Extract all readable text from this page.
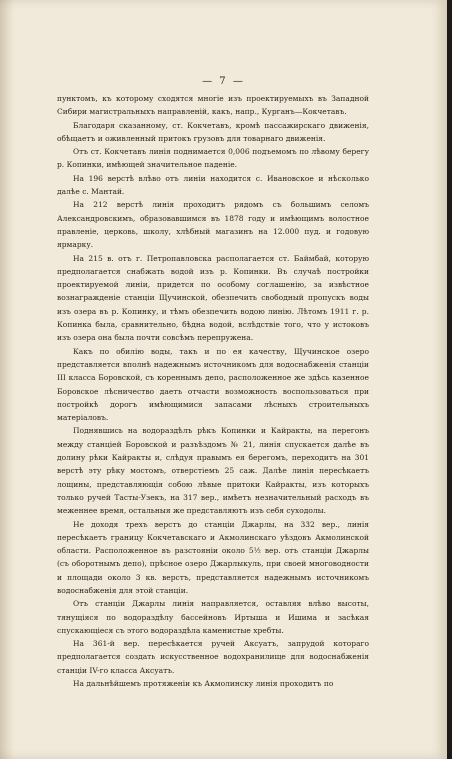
— 7 —

пунктомъ, къ которому сходятся многіе изъ проектируемыхъ въ Западной Сибири магистральныхъ направленій, какъ, напр., Курганъ—Кокчетавъ.

Благодаря сказанному, ст. Кокчетавъ, кромѣ пассажирскаго движенія, обѣщаетъ и оживленный притокъ грузовъ для товарнаго движенія.

Отъ ст. Кокчетавъ линія поднимается 0,006 подъемомъ по лѣвому берегу р. Копинки, имѣющей значительное паденіе.

На 196 верстѣ влѣво отъ линіи находится с. Ивановское и нѣсколько далѣе с. Мантай.

На 212 верстѣ линія проходитъ рядомъ съ большимъ селомъ Александровскимъ, образовавшимся въ 1878 году и имѣющимъ волостное правленіе, церковь, школу, хлѣбный магазинъ на 12.000 пуд. и годовую ярмарку.

На 215 в. отъ г. Петропавловска располагается ст. Баймбай, которую предполагается снабжать водой изъ р. Копинки. Въ случаѣ постройки проектируемой линіи, придется по особому соглашенію, за извѣстное вознагражденіе станціи Щучинской, обезпечить свободный пропускъ воды изъ озера въ р. Копинку, и тѣмъ обезпечить водою линію. Лѣтомъ 1911 г. р. Копинка была, сравнительно, бѣдна водой, вслѣдствіе того, что у истоковъ изъ озера она была почти совсѣмъ перепружена.

Какъ по обилію воды, такъ и по ея качеству, Щучинское озеро представляется вполнѣ надежнымъ источникомъ для водоснабженія станціи III класса Боровской, съ кореннымъ депо, расположенное же здѣсь казенное Боровское лѣсничество даетъ отчасти возможность воспользоваться при постройкѣ дорогъ имѣющимися запасами лѣсныхъ строительныхъ матеріаловъ.

Поднявшись на водораздѣлъ рѣкъ Копинки и Кайракты, на перегонъ между станціей Боровской и разъѣздомъ № 21, линія спускается далѣе въ долину рѣки Кайракты и, слѣдуя правымъ ея берегомъ, переходитъ на 301 верстѣ эту рѣку мостомъ, отверстіемъ 25 саж. Далѣе линія пересѣкаетъ лощины, представляющія собою лѣвые притоки Кайракты, изъ которыхъ только ручей Тасты-Узекъ, на 317 вер., имѣетъ незначительный расходъ въ меженнее время, остальныя же представляютъ изъ себя суходолы.

Не доходя трехъ верстъ до станціи Джарлы, на 332 вер., линія пересѣкаетъ границу Кокчетавскаго и Акмолинскаго уѣздовъ Акмолинской области. Расположенное въ разстояніи около 5½ вер. отъ станціи Джарлы (съ оборотнымъ депо), прѣсное озеро Джарлыкуль, при своей многоводности и площади около 3 кв. верстъ, представляется надежнымъ источникомъ водоснабженія для этой станціи.

Отъ станціи Джарлы линія направляется, оставляя влѣво высоты, тянущіяся по водораздѣлу бассейновъ Иртыша и Ишима и засѣкая спускающіеся съ этого водораздѣла каменистые хребты.

На 361-й вер. пересѣкается ручей Аксуатъ, запрудой котораго предполагается создать искусственное водохранилище для водоснабженія станціи IV-го класса Аксуатъ.

На дальнѣйшемъ протяженіи къ Акмолинску линія проходитъ по
